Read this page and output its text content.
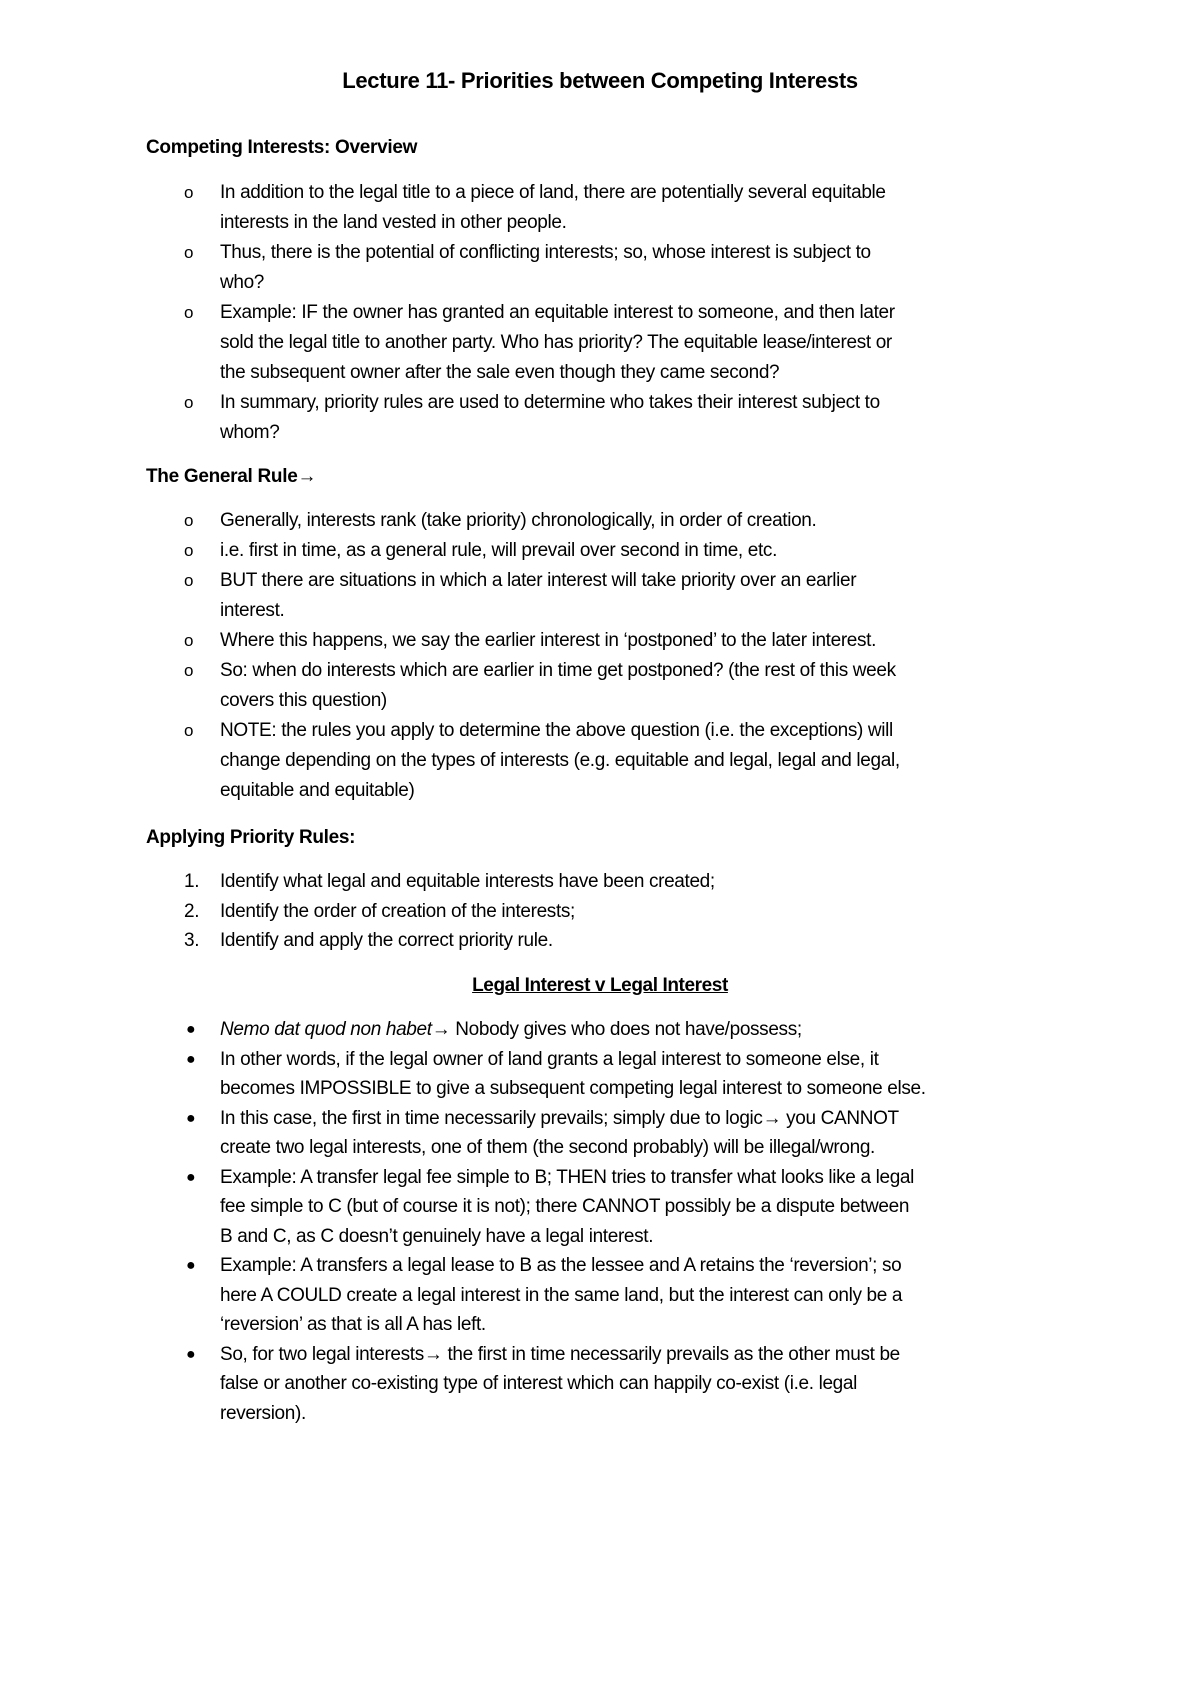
Lecture 11- Priorities between Competing Interests
Competing Interests: Overview
o	In addition to the legal title to a piece of land, there are potentially several equitable
interests in the land vested in other people.
o	Thus, there is the potential of conflicting interests; so, whose interest is subject to
who?
o	Example: IF the owner has granted an equitable interest to someone, and then later
sold the legal title to another party. Who has priority? The equitable lease/interest or
the subsequent owner after the sale even though they came second?
o	In summary, priority rules are used to determine who takes their interest subject to
whom?
The General Rule→
o	Generally, interests rank (take priority) chronologically, in order of creation.
o	i.e. first in time, as a general rule, will prevail over second in time, etc.
o	BUT there are situations in which a later interest will take priority over an earlier
interest.
o	Where this happens, we say the earlier interest in ‘postponed’ to the later interest.
o	So: when do interests which are earlier in time get postponed? (the rest of this week
covers this question)
o	NOTE: the rules you apply to determine the above question (i.e. the exceptions) will
change depending on the types of interests (e.g. equitable and legal, legal and legal,
equitable and equitable)
Applying Priority Rules:
1. Identify what legal and equitable interests have been created;
2. Identify the order of creation of the interests;
3. Identify and apply the correct priority rule.
Legal Interest v Legal Interest
●	Nemo dat quod non habet→ Nobody gives who does not have/possess;
●	In other words, if the legal owner of land grants a legal interest to someone else, it
becomes IMPOSSIBLE to give a subsequent competing legal interest to someone else.
●	In this case, the first in time necessarily prevails; simply due to logic→ you CANNOT
create two legal interests, one of them (the second probably) will be illegal/wrong.
●	Example: A transfer legal fee simple to B; THEN tries to transfer what looks like a legal
fee simple to C (but of course it is not); there CANNOT possibly be a dispute between
B and C, as C doesn’t genuinely have a legal interest.
●	Example: A transfers a legal lease to B as the lessee and A retains the ‘reversion’; so
here A COULD create a legal interest in the same land, but the interest can only be a
‘reversion’ as that is all A has left.
●	So, for two legal interests→ the first in time necessarily prevails as the other must be
false or another co-existing type of interest which can happily co-exist (i.e. legal
reversion).
